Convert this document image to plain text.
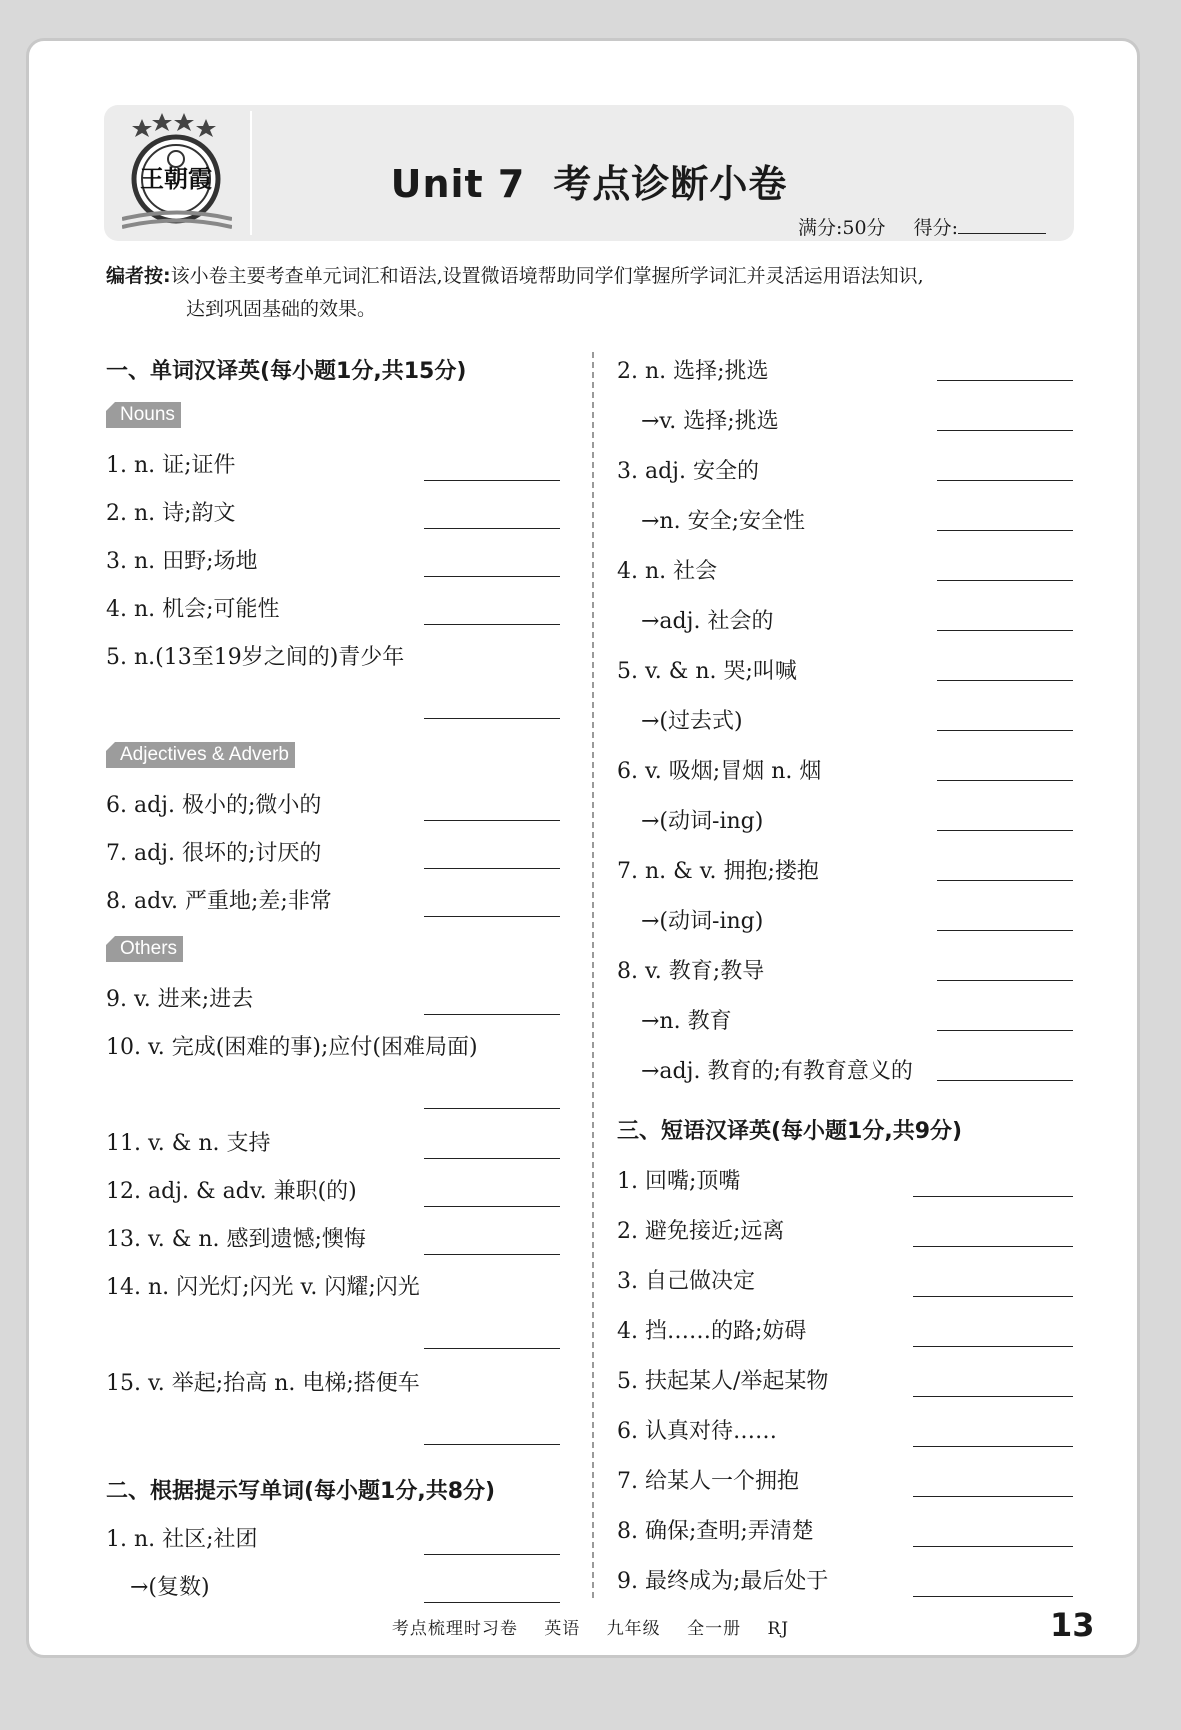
王朝霞	Unit 7 考点诊断小卷
满分:50分 得分:
编者按:该小卷主要考查单元词汇和语法,设置微语境帮助同学们掌握所学词汇并灵活运用语法知识,
达到巩固基础的效果。
一、单词汉译英(每小题1分,共15分)
Nouns
1. n. 证;证件
2. n. 诗;韵文
3. n. 田野;场地
4. n. 机会;可能性
5. n.(13至19岁之间的)青少年
Adjectives & Adverb
6. adj. 极小的;微小的
7. adj. 很坏的;讨厌的
8. adv. 严重地;差;非常
Others
9. v. 进来;进去
10. v. 完成(困难的事);应付(困难局面)
11. v. & n. 支持
12. adj. & adv. 兼职(的)
13. v. & n. 感到遗憾;懊悔
14. n. 闪光灯;闪光 v. 闪耀;闪光
15. v. 举起;抬高 n. 电梯;搭便车
二、根据提示写单词(每小题1分,共8分)
1. n. 社区;社团
→(复数)
2. n. 选择;挑选
→v. 选择;挑选
3. adj. 安全的
→n. 安全;安全性
4. n. 社会
→adj. 社会的
5. v. & n. 哭;叫喊
→(过去式)
6. v. 吸烟;冒烟 n. 烟
→(动词-ing)
7. n. & v. 拥抱;搂抱
→(动词-ing)
8. v. 教育;教导
→n. 教育
→adj. 教育的;有教育意义的
三、短语汉译英(每小题1分,共9分)
1. 回嘴;顶嘴
2. 避免接近;远离
3. 自己做决定
4. 挡……的路;妨碍
5. 扶起某人/举起某物
6. 认真对待……
7. 给某人一个拥抱
8. 确保;查明;弄清楚
9. 最终成为;最后处于
考点梳理时习卷 英语 九年级 全一册 RJ	13
